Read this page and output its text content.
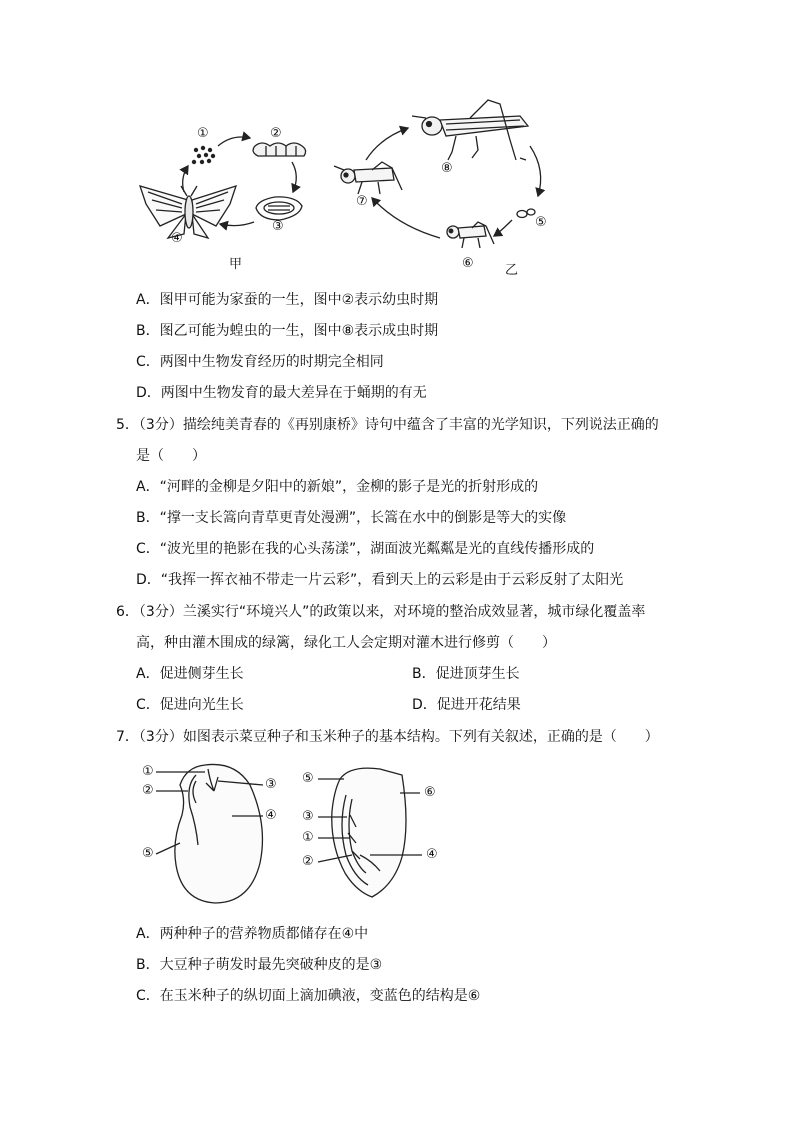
①	②
③
④
⑤
⑥
⑦
⑧
甲	乙
A．图甲可能为家蚕的一生，图中②表示幼虫时期
B．图乙可能为蝗虫的一生，图中⑧表示成虫时期
C．两图中生物发育经历的时期完全相同
D．两图中生物发育的最大差异在于蛹期的有无
5．（3分）描绘纯美青春的《再别康桥》诗句中蕴含了丰富的光学知识，下列说法正确的
是（　　）
A．“河畔的金柳是夕阳中的新娘”，金柳的影子是光的折射形成的
B．“撑一支长篙向青草更青处漫溯”，长篙在水中的倒影是等大的实像
C．“波光里的艳影在我的心头荡漾”，湖面波光粼粼是光的直线传播形成的
D．“我挥一挥衣袖不带走一片云彩”，看到天上的云彩是由于云彩反射了太阳光
6．（3分）兰溪实行“环境兴人”的政策以来，对环境的整治成效显著，城市绿化覆盖率
高，种由灌木围成的绿篱，绿化工人会定期对灌木进行修剪（　　）
A．促进侧芽生长	B．促进顶芽生长
C．促进向光生长	D．促进开花结果
7．（3分）如图表示菜豆种子和玉米种子的基本结构。下列有关叙述，正确的是（　　）
①
②	③
④
⑤
⑤
⑥
③
①
②	④
A．两种种子的营养物质都储存在④中
B．大豆种子萌发时最先突破种皮的是③
C．在玉米种子的纵切面上滴加碘液，变蓝色的结构是⑥
